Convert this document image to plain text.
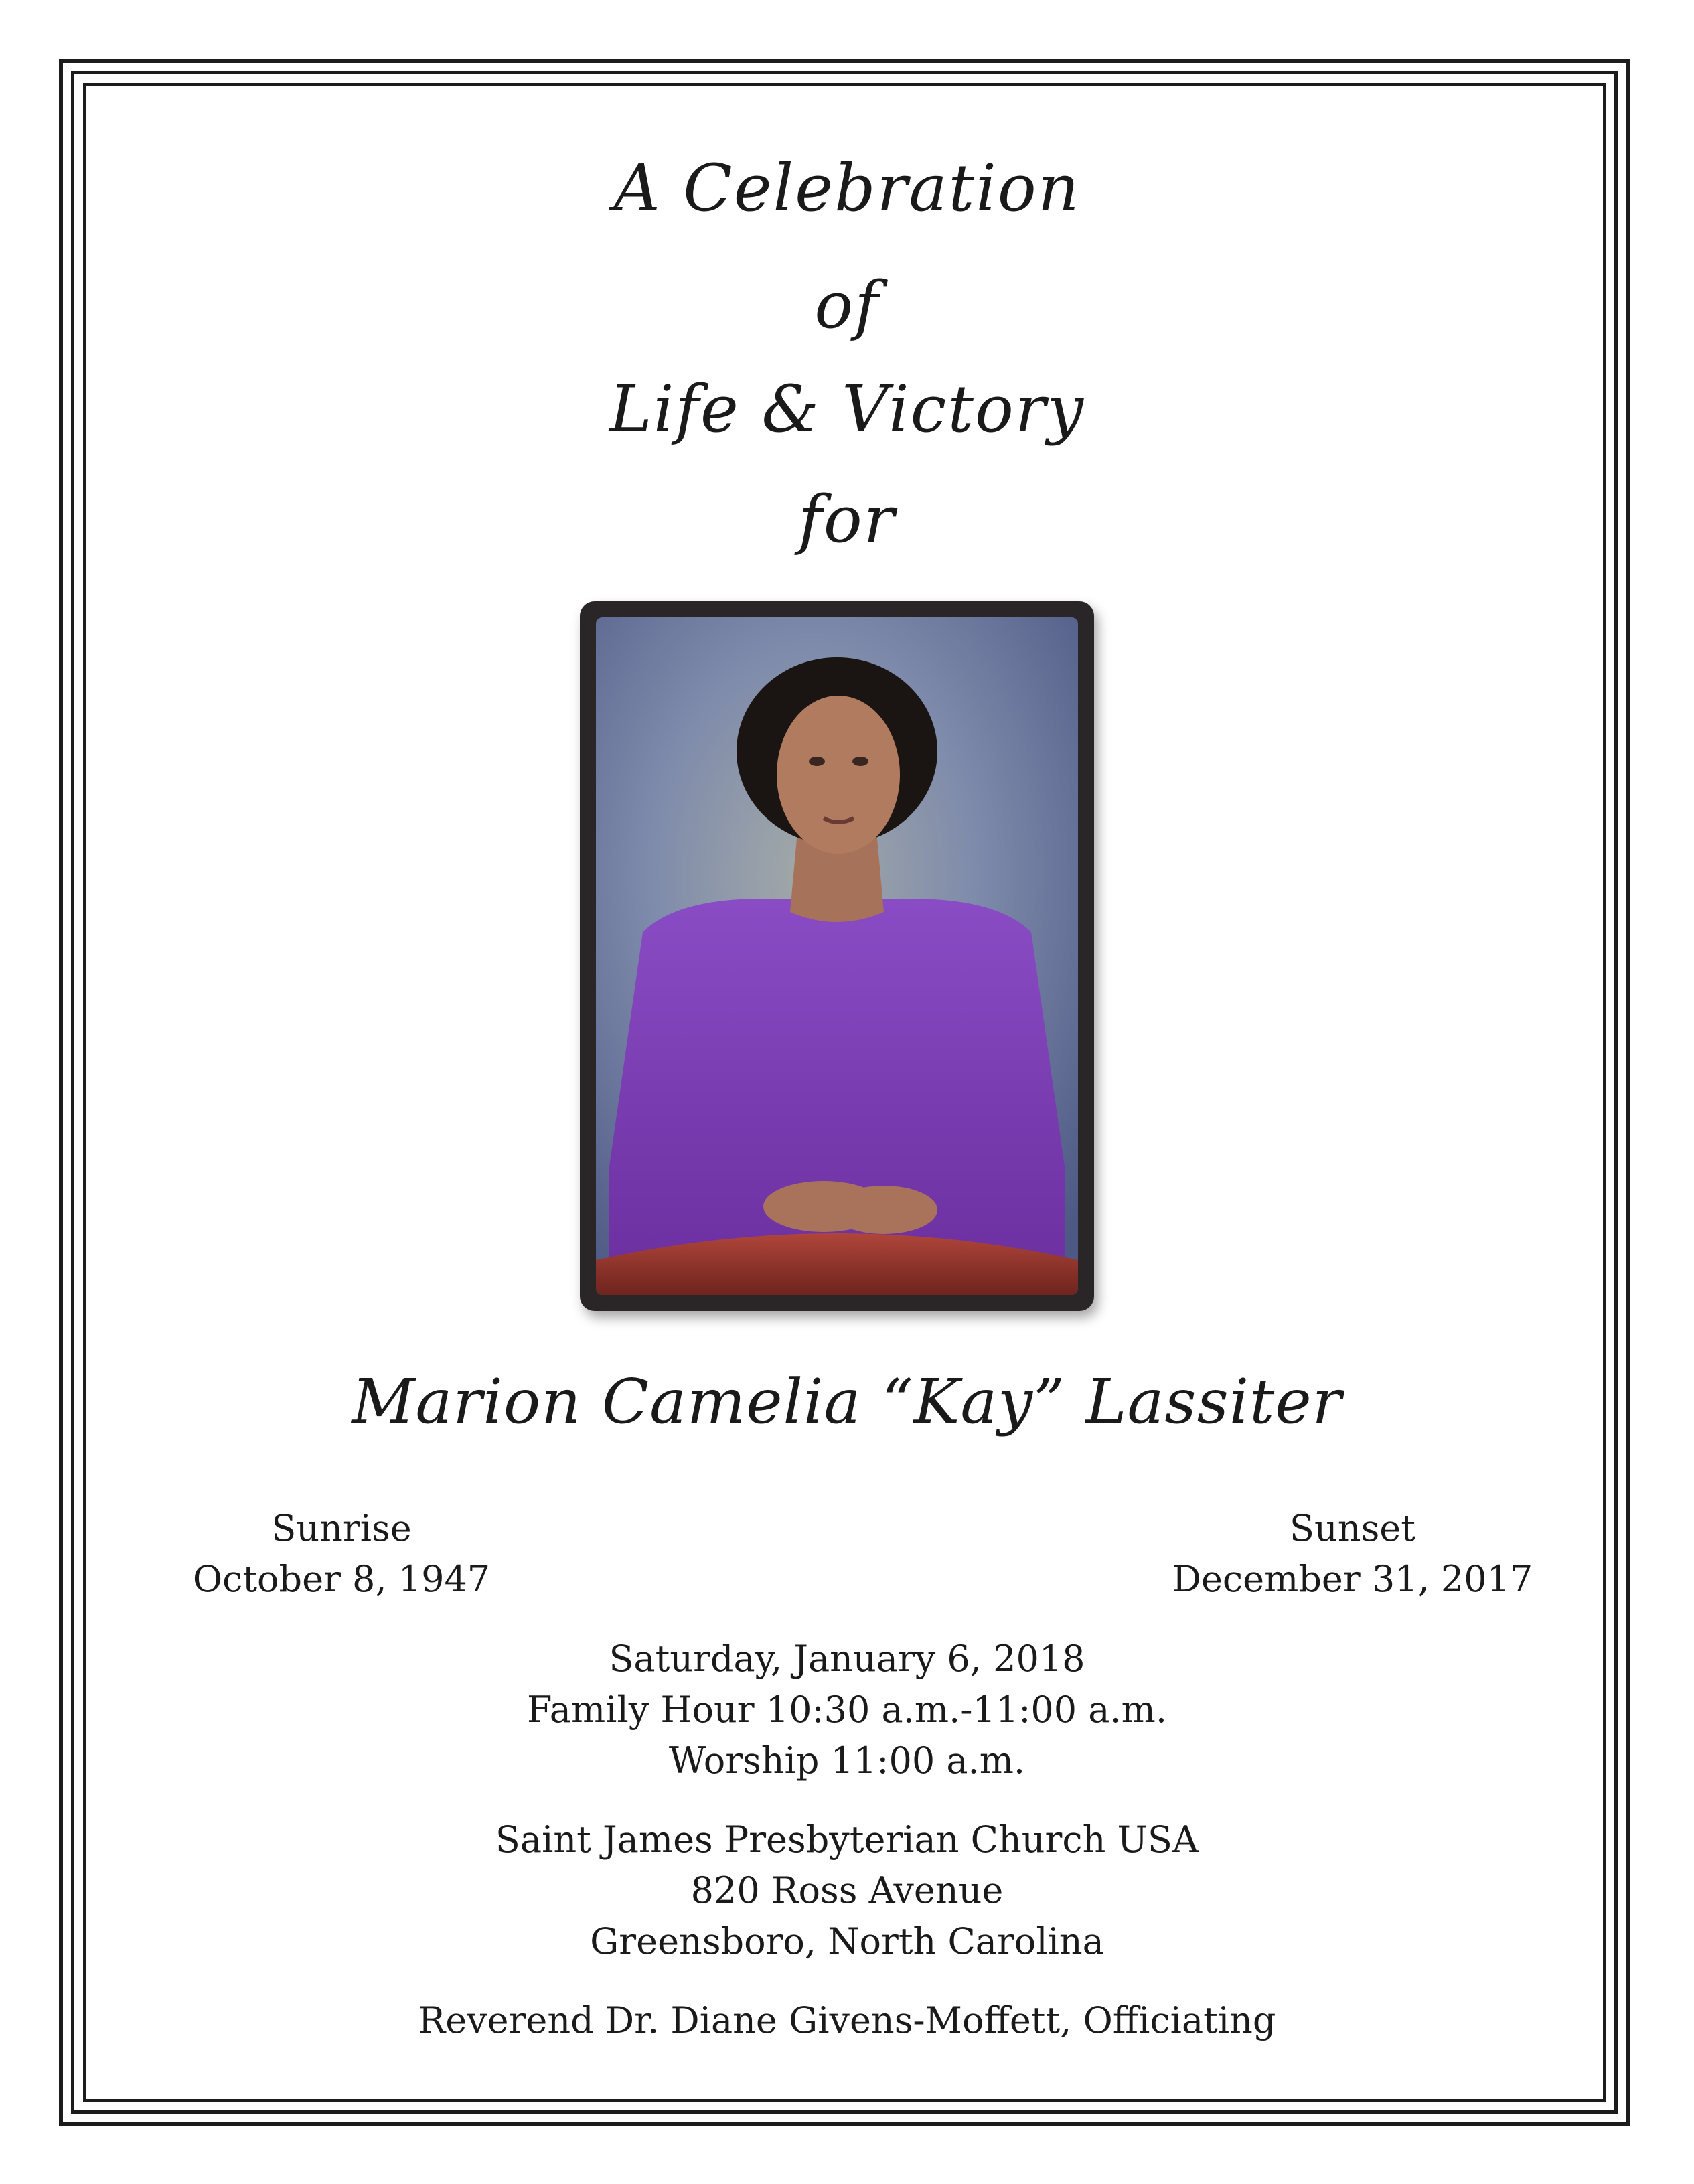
A Celebration
of
Life & Victory
for
Marion Camelia “Kay” Lassiter
Sunrise
October 8, 1947
Sunset
December 31, 2017
Saturday, January 6, 2018
Family Hour 10:30 a.m.-11:00 a.m.
Worship 11:00 a.m.
Saint James Presbyterian Church USA
820 Ross Avenue
Greensboro, North Carolina
Reverend Dr. Diane Givens-Moffett, Officiating
